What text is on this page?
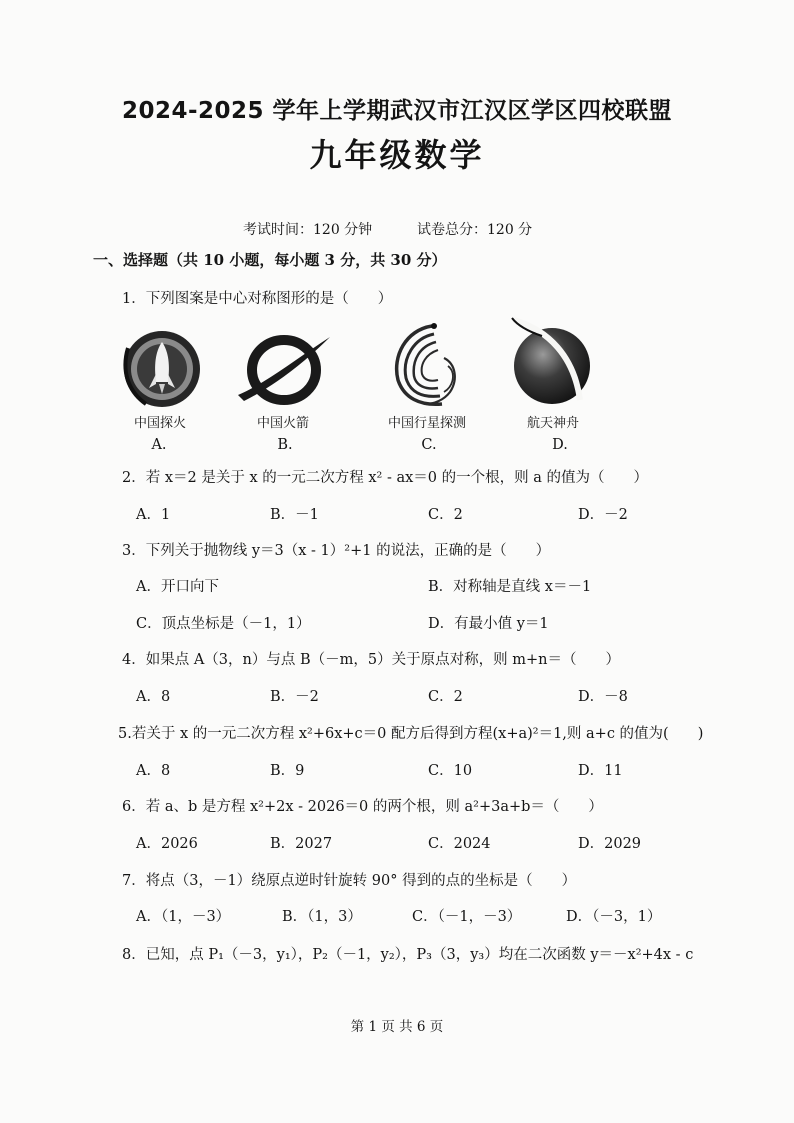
2024-2025 学年上学期武汉市江汉区学区四校联盟
九年级数学
考试时间：120 分钟	试卷总分：120 分
一、选择题（共 10 小题，每小题 3 分，共 30 分）
1．下列图案是中心对称图形的是（　　）
中国探火
A.
中国火箭
B.
中国行星探测
C.
航天神舟
D.
2．若 x＝2 是关于 x 的一元二次方程 x² - ax＝0 的一个根，则 a 的值为（　　）
A．1	B．－1	C．2	D．－2
3．下列关于抛物线 y＝3（x - 1）²+1 的说法，正确的是（　　）
A．开口向下	B．对称轴是直线 x＝－1
C．顶点坐标是（－1，1）	D．有最小值 y＝1
4．如果点 A（3，n）与点 B（－m，5）关于原点对称，则 m+n＝（　　）
A．8	B．－2	C．2	D．－8
5.若关于 x 的一元二次方程 x²+6x+c＝0 配方后得到方程(x+a)²＝1,则 a+c 的值为(　　)
A．8	B．9	C．10	D．11
6．若 a、b 是方程 x²+2x - 2026＝0 的两个根，则 a²+3a+b＝（　　）
A．2026	B．2027	C．2024	D．2029
7．将点（3，－1）绕原点逆时针旋转 90° 得到的点的坐标是（　　）
A．（1，－3）	B．（1，3）	C．（－1，－3）	D．（－3，1）
8．已知，点 P₁（－3，y₁），P₂（－1，y₂），P₃（3，y₃）均在二次函数 y＝－x²+4x - c
第 1 页 共 6 页
